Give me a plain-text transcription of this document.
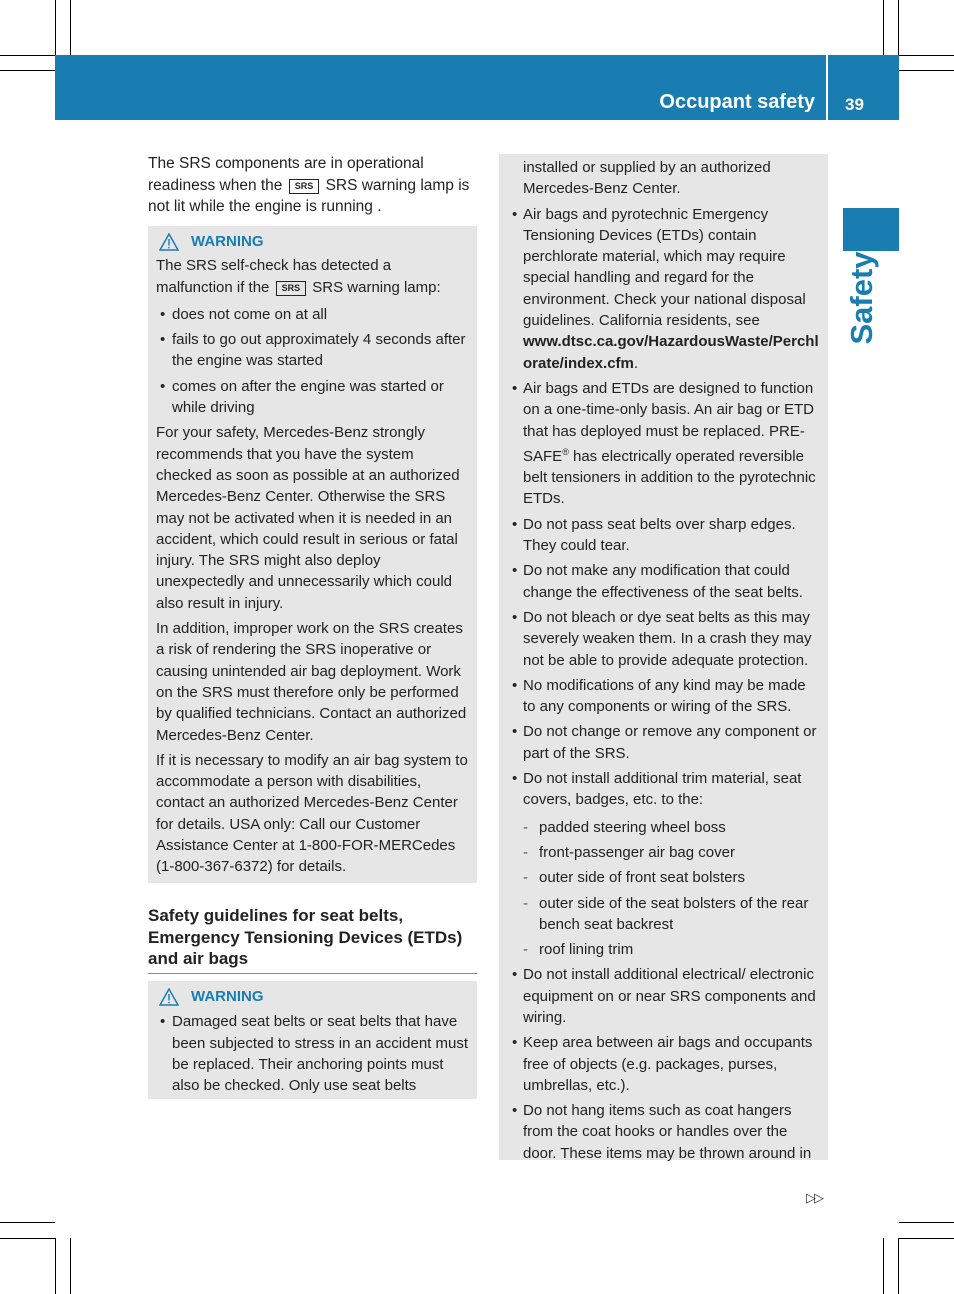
Occupant safety 39
Safety

The SRS components are in operational readiness when the SRS SRS warning lamp is not lit while the engine is running .

WARNING

The SRS self-check has detected a malfunction if the SRS SRS warning lamp:

• does not come on at all
• fails to go out approximately 4 seconds after the engine was started
• comes on after the engine was started or while driving

For your safety, Mercedes-Benz strongly recommends that you have the system checked as soon as possible at an authorized Mercedes-Benz Center. Otherwise the SRS may not be activated when it is needed in an accident, which could result in serious or fatal injury. The SRS might also deploy unexpectedly and unnecessarily which could also result in injury.

In addition, improper work on the SRS creates a risk of rendering the SRS inoperative or causing unintended air bag deployment. Work on the SRS must therefore only be performed by qualified technicians. Contact an authorized Mercedes-Benz Center.

If it is necessary to modify an air bag system to accommodate a person with disabilities, contact an authorized Mercedes-Benz Center for details. USA only: Call our Customer Assistance Center at 1-800-FOR-MERCedes (1-800-367-6372) for details.

Safety guidelines for seat belts, Emergency Tensioning Devices (ETDs) and air bags
WARNING
• Damaged seat belts or seat belts that have been subjected to stress in an accident must be replaced. Their anchoring points must also be checked. Only use seat belts

installed or supplied by an authorized Mercedes-Benz Center.

• Air bags and pyrotechnic Emergency Tensioning Devices (ETDs) contain perchlorate material, which may require special handling and regard for the environment. Check your national disposal guidelines. California residents, see www.dtsc.ca.gov/HazardousWaste/Perchlorate/index.cfm.
• Air bags and ETDs are designed to function on a one-time-only basis. An air bag or ETD that has deployed must be replaced. PRE-SAFE® has electrically operated reversible belt tensioners in addition to the pyrotechnic ETDs.
• Do not pass seat belts over sharp edges. They could tear.
• Do not make any modification that could change the effectiveness of the seat belts.
• Do not bleach or dye seat belts as this may severely weaken them. In a crash they may not be able to provide adequate protection.
• No modifications of any kind may be made to any components or wiring of the SRS.
• Do not change or remove any component or part of the SRS.
• Do not install additional trim material, seat covers, badges, etc. to the:
- padded steering wheel boss
- front-passenger air bag cover
- outer side of front seat bolsters
- outer side of the seat bolsters of the rear bench seat backrest
- roof lining trim
• Do not install additional electrical/ electronic equipment on or near SRS components and wiring.
• Keep area between air bags and occupants free of objects (e.g. packages, purses, umbrellas, etc.).
• Do not hang items such as coat hangers from the coat hooks or handles over the door. These items may be thrown around in
▷▷
